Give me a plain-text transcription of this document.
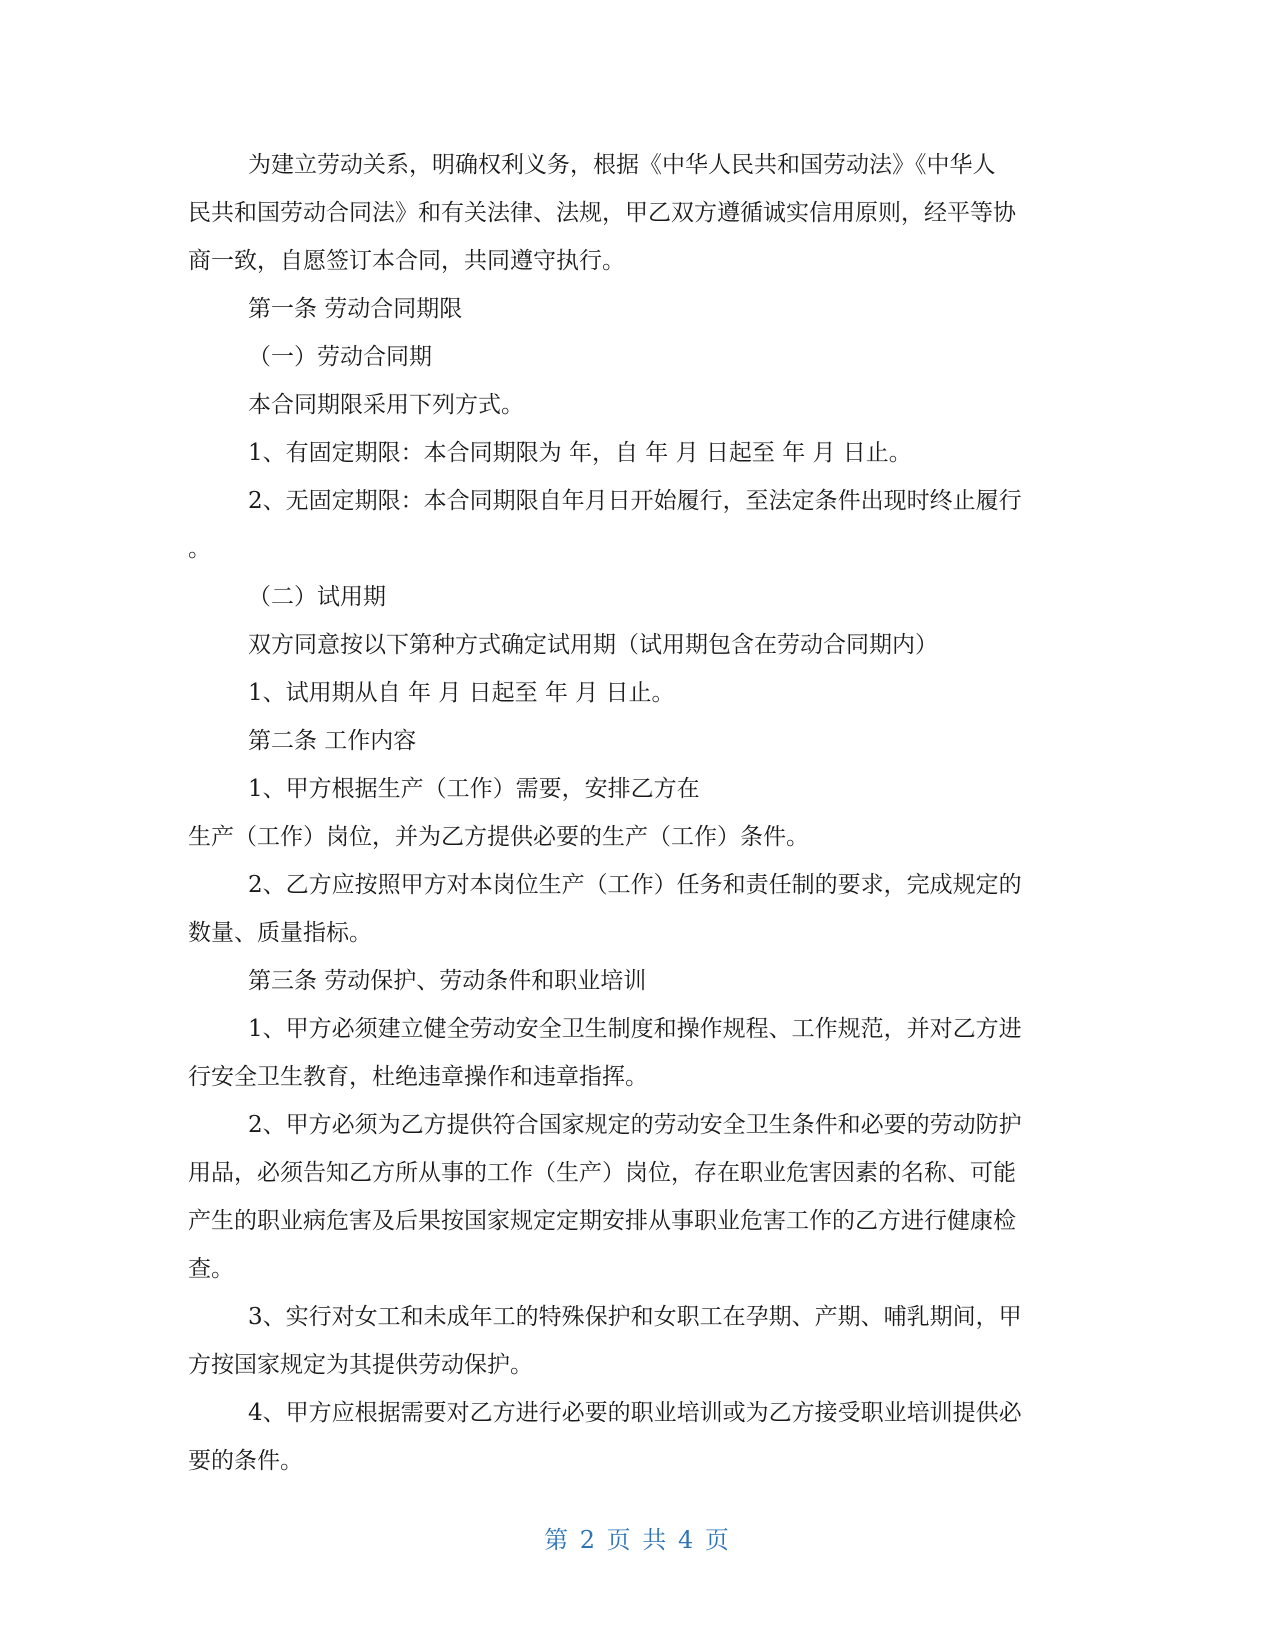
为建立劳动关系，明确权利义务，根据《中华人民共和国劳动法》《中华人
民共和国劳动合同法》和有关法律、法规，甲乙双方遵循诚实信用原则，经平等协
商一致，自愿签订本合同，共同遵守执行。
第一条 劳动合同期限
（一）劳动合同期
本合同期限采用下列方式。
1、有固定期限：本合同期限为 年，自 年 月 日起至 年 月 日止。
2、无固定期限：本合同期限自年月日开始履行，至法定条件出现时终止履行
。
（二）试用期
双方同意按以下第种方式确定试用期（试用期包含在劳动合同期内）
1、试用期从自 年 月 日起至 年 月 日止。
第二条 工作内容
1、甲方根据生产（工作）需要，安排乙方在
生产（工作）岗位，并为乙方提供必要的生产（工作）条件。
2、乙方应按照甲方对本岗位生产（工作）任务和责任制的要求，完成规定的
数量、质量指标。
第三条 劳动保护、劳动条件和职业培训
1、甲方必须建立健全劳动安全卫生制度和操作规程、工作规范，并对乙方进
行安全卫生教育，杜绝违章操作和违章指挥。
2、甲方必须为乙方提供符合国家规定的劳动安全卫生条件和必要的劳动防护
用品，必须告知乙方所从事的工作（生产）岗位，存在职业危害因素的名称、可能
产生的职业病危害及后果按国家规定定期安排从事职业危害工作的乙方进行健康检
查。
3、实行对女工和未成年工的特殊保护和女职工在孕期、产期、哺乳期间，甲
方按国家规定为其提供劳动保护。
4、甲方应根据需要对乙方进行必要的职业培训或为乙方接受职业培训提供必
要的条件。
第 2 页 共 4 页
